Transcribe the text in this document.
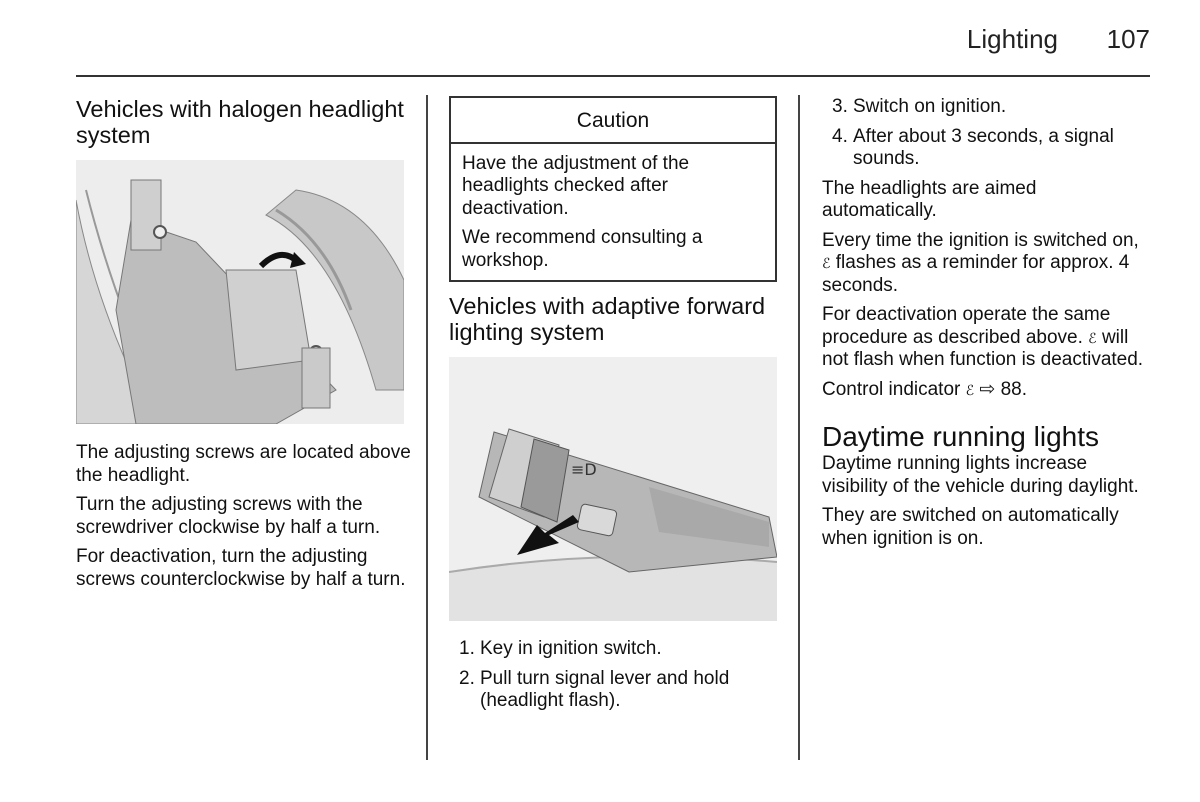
Lighting 107
Vehicles with halogen headlight system

The adjusting screws are located above the headlight.

Turn the adjusting screws with the screwdriver clockwise by half a turn.

For deactivation, turn the adjusting screws counterclockwise by half a turn.

Caution

Have the adjustment of the headlights checked after deactivation.

We recommend consulting a workshop.

Vehicles with adaptive forward lighting system
≡D
1. Key in ignition switch.
2. Pull turn signal lever and hold (headlight flash).
3. Switch on ignition.
4. After about 3 seconds, a signal sounds.

The headlights are aimed automatically.

Every time the ignition is switched on,
ℰ flashes as a reminder for approx. 4 seconds.

For deactivation operate the same procedure as described above. ℰ will not flash when function is deactivated.

Control indicator ℰ ⇨ 88.

Daytime running lights

Daytime running lights increase visibility of the vehicle during daylight.

They are switched on automatically when ignition is on.
